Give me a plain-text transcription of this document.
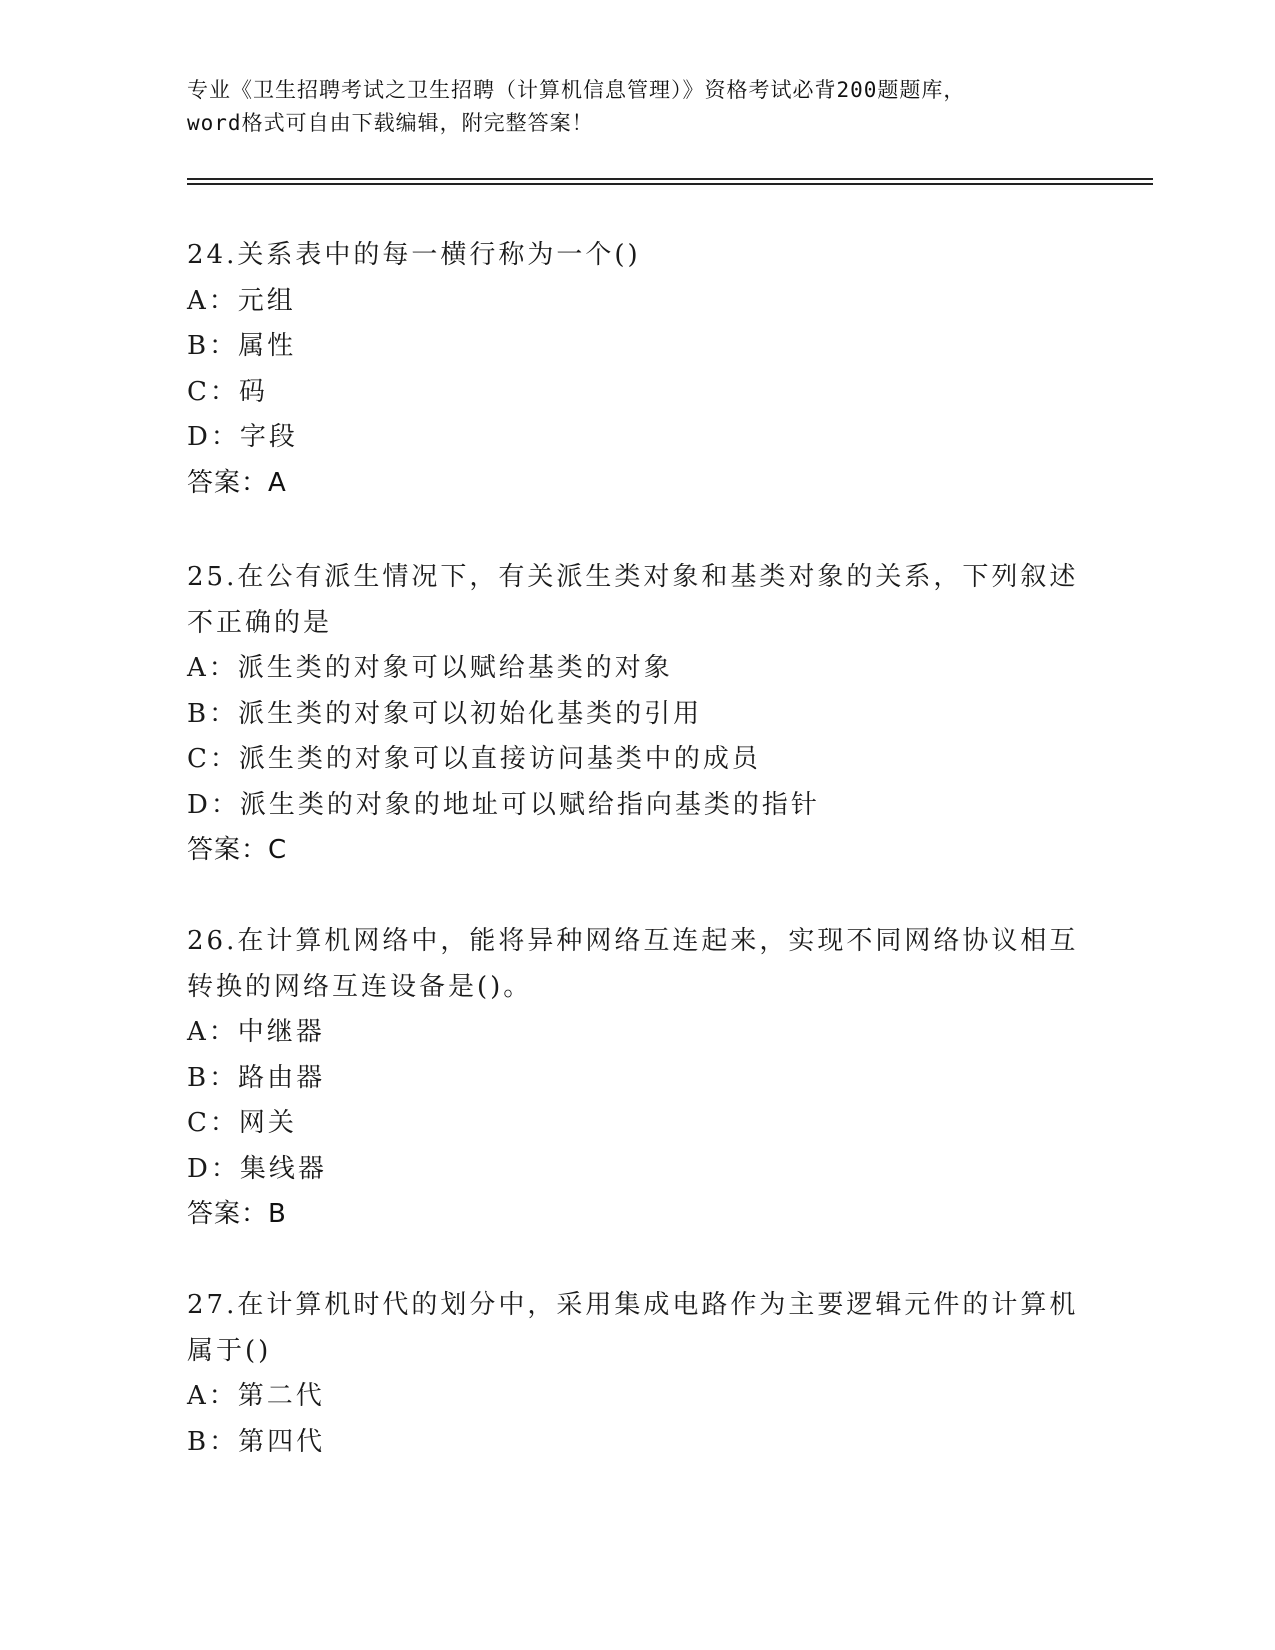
专业《卫生招聘考试之卫生招聘（计算机信息管理）》资格考试必背200题题库，
word格式可自由下载编辑，附完整答案！
24.关系表中的每一横行称为一个()
A：元组
B：属性
C：码
D：字段
答案：A
25.在公有派生情况下，有关派生类对象和基类对象的关系，下列叙述
不正确的是
A：派生类的对象可以赋给基类的对象
B：派生类的对象可以初始化基类的引用
C：派生类的对象可以直接访问基类中的成员
D：派生类的对象的地址可以赋给指向基类的指针
答案：C
26.在计算机网络中，能将异种网络互连起来，实现不同网络协议相互
转换的网络互连设备是()。
A：中继器
B：路由器
C：网关
D：集线器
答案：B
27.在计算机时代的划分中，采用集成电路作为主要逻辑元件的计算机
属于()
A：第二代
B：第四代
